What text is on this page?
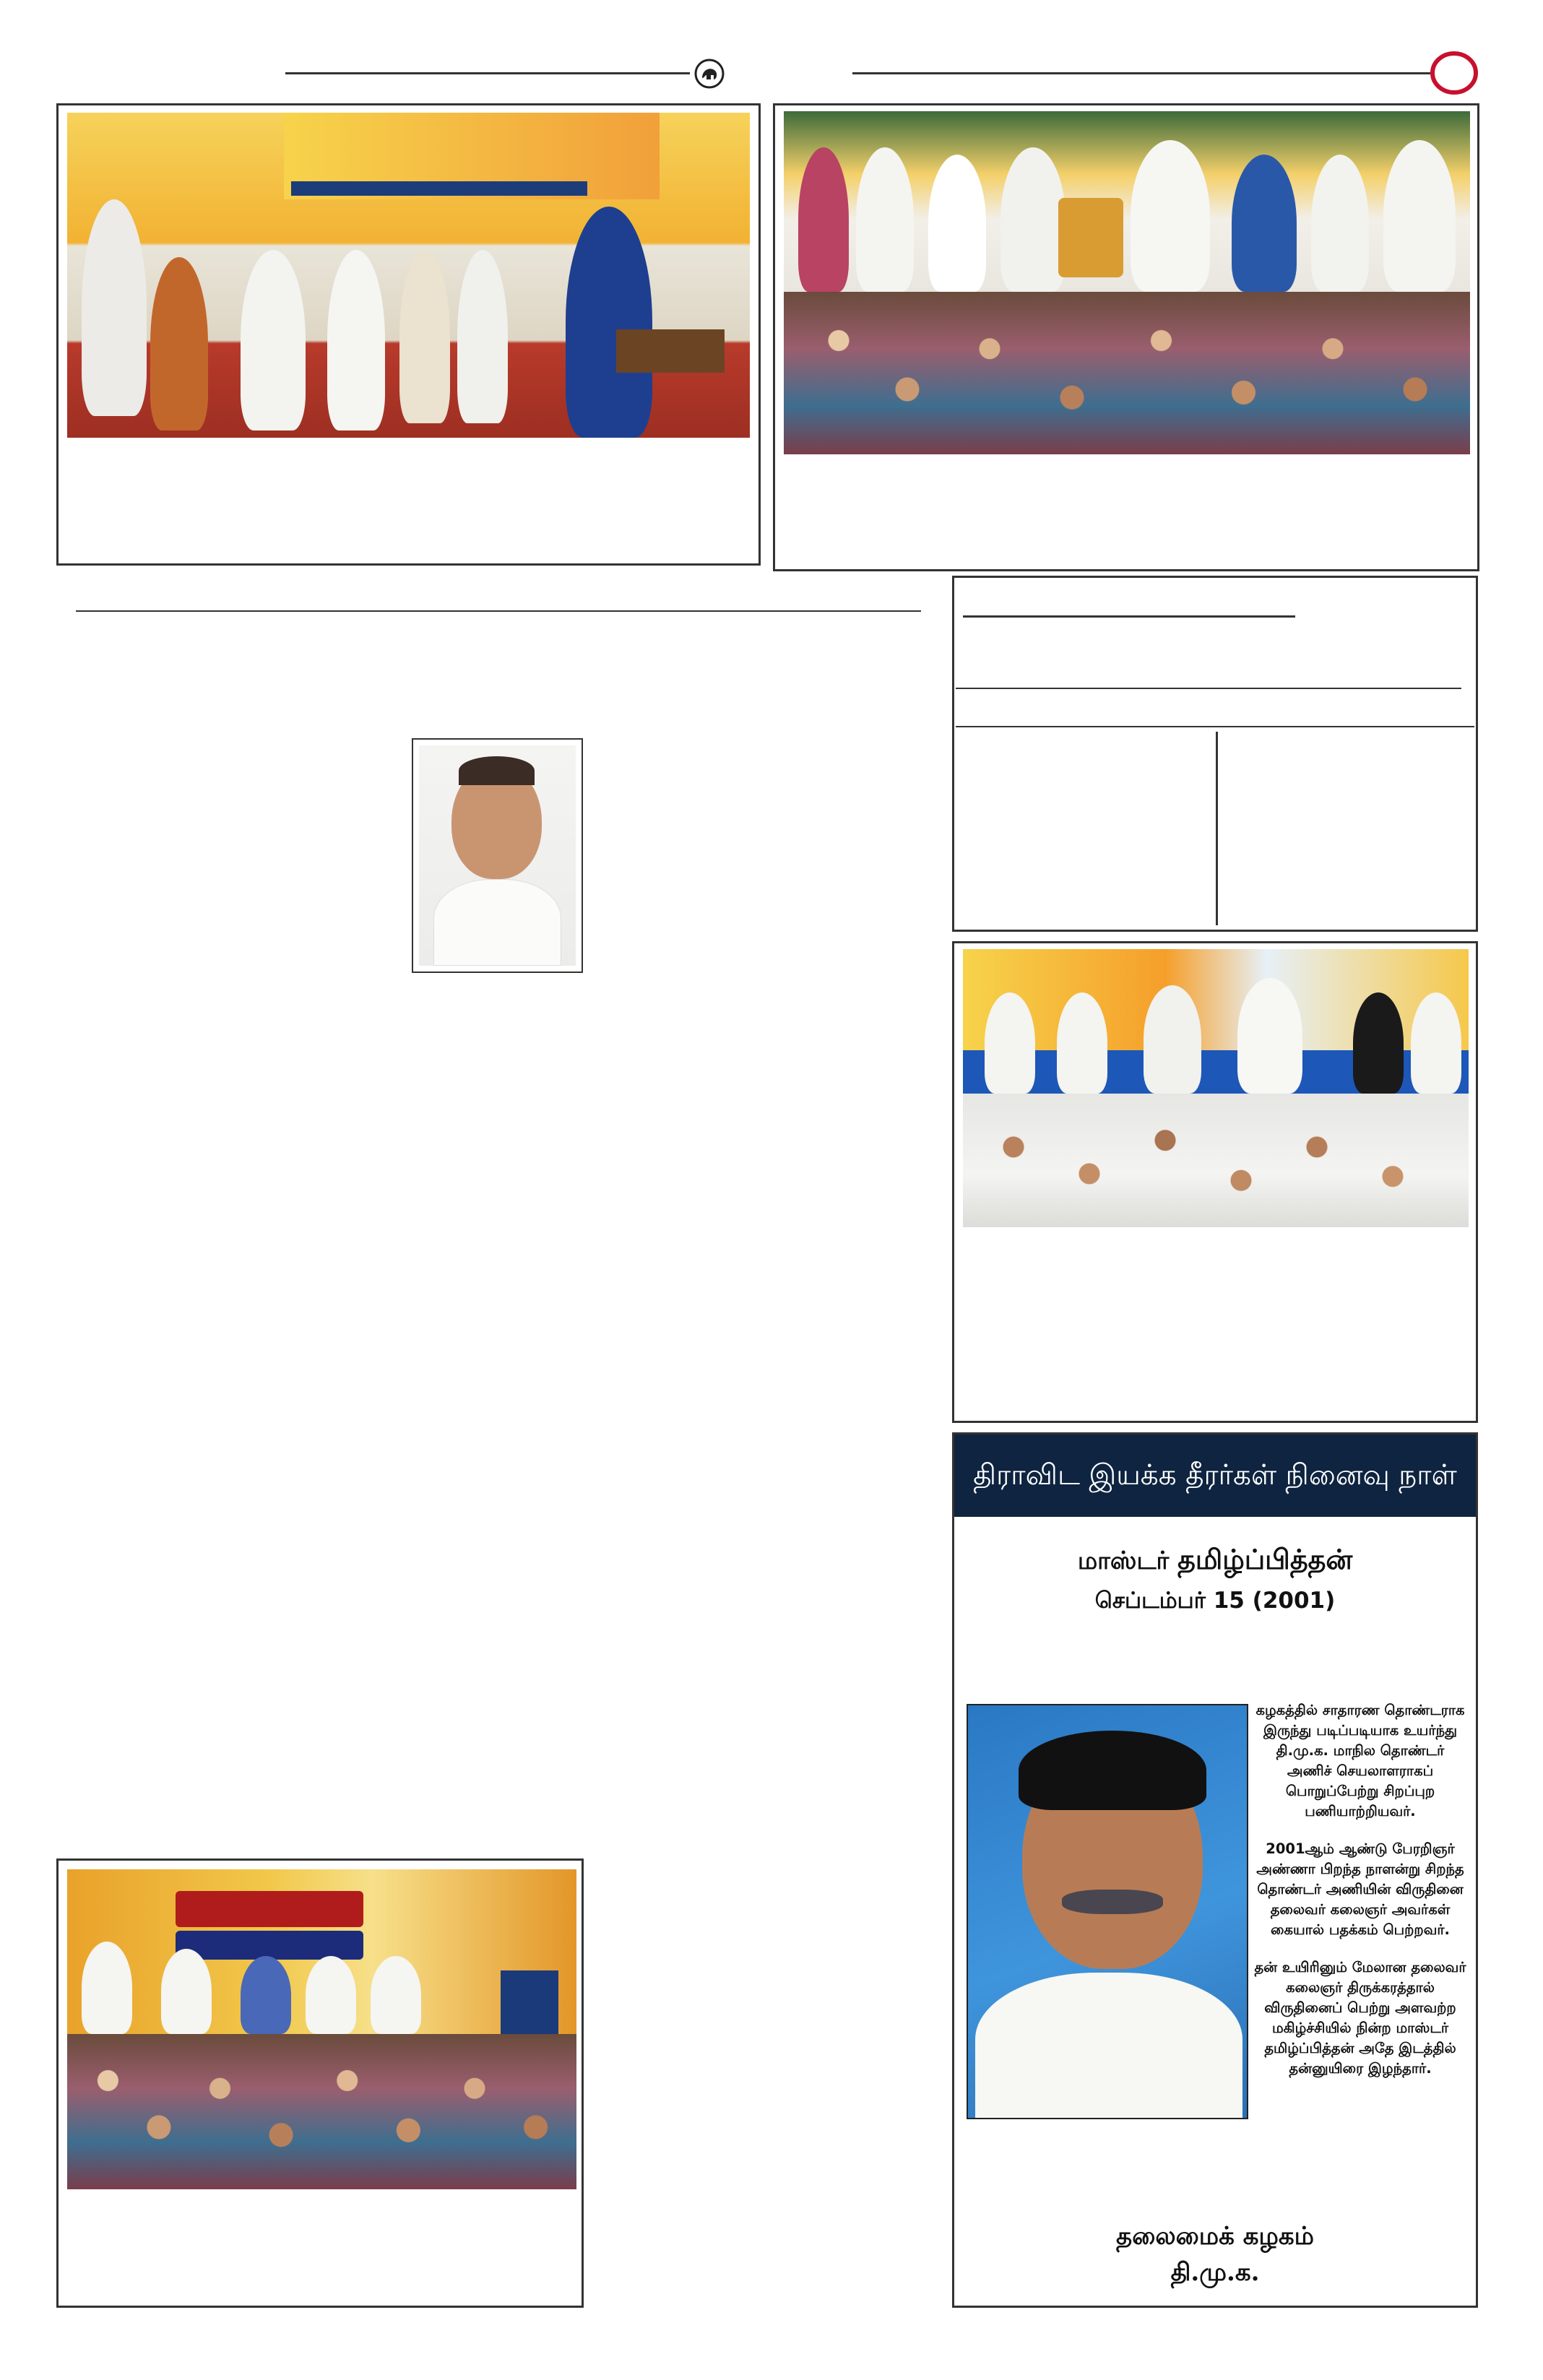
திராவிட இயக்க தீரர்கள் நினைவு நாள்
மாஸ்டர் தமிழ்ப்பித்தன்
செப்டம்பர் 15 (2001)

கழகத்தில் சாதாரண தொண்டராக இருந்து படிப்படியாக உயர்ந்து தி.மு.க. மாநில தொண்டர் அணிச் செயலாளராகப் பொறுப்பேற்று சிறப்புற பணியாற்றியவர்.

2001ஆம் ஆண்டு பேரறிஞர் அண்ணா பிறந்த நாளன்று சிறந்த தொண்டர் அணியின் விருதினை தலைவர் கலைஞர் அவர்கள் கையால் பதக்கம் பெற்றவர்.

தன் உயிரினும் மேலான தலைவர் கலைஞர் திருக்கரத்தால் விருதினைப் பெற்று அளவற்ற மகிழ்ச்சியில் நின்ற மாஸ்டர் தமிழ்ப்பித்தன் அதே இடத்தில் தன்னுயிரை இழந்தார்.

தலைமைக் கழகம்
தி.மு.க.
